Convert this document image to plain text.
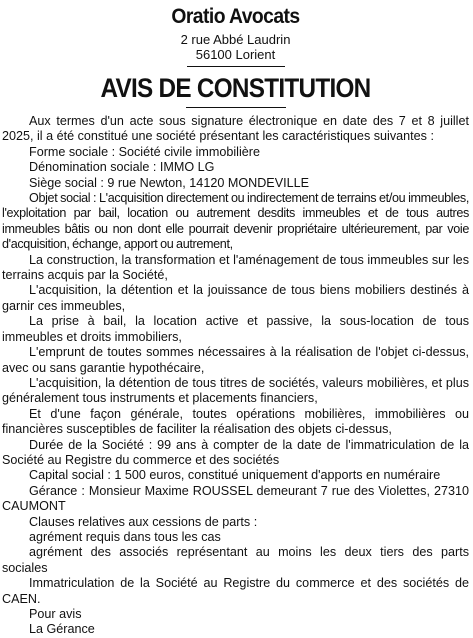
Oratio Avocats
2 rue Abbé Laudrin
56100 Lorient
AVIS DE CONSTITUTION

Aux termes d'un acte sous signature électronique en date des 7 et 8 juillet 2025, il a été constitué une société présentant les caractéristiques suivantes :

Forme sociale : Société civile immobilière

Dénomination sociale : IMMO LG

Siège social : 9 rue Newton, 14120 MONDEVILLE

Objet social : L'acquisition directement ou indirectement de terrains et/ou immeubles, l'exploitation par bail, location ou autrement desdits immeubles et de tous autres immeubles bâtis ou non dont elle pourrait devenir propriétaire ultérieurement, par voie d'acquisition, échange, apport ou autrement,

La construction, la transformation et l'aménagement de tous immeubles sur les terrains acquis par la Société,

L'acquisition, la détention et la jouissance de tous biens mobiliers destinés à garnir ces immeubles,

La prise à bail, la location active et passive, la sous-location de tous immeubles et droits immobiliers,

L'emprunt de toutes sommes nécessaires à la réalisation de l'objet ci-dessus, avec ou sans garantie hypothécaire,

L'acquisition, la détention de tous titres de sociétés, valeurs mobilières, et plus généralement tous instruments et placements financiers,

Et d'une façon générale, toutes opérations mobilières, immobilières ou financières susceptibles de faciliter la réalisation des objets ci-dessus,

Durée de la Société : 99 ans à compter de la date de l'immatriculation de la Société au Registre du commerce et des sociétés

Capital social : 1 500 euros, constitué uniquement d'apports en numéraire

Gérance : Monsieur Maxime ROUSSEL demeurant 7 rue des Violettes, 27310 CAUMONT

Clauses relatives aux cessions de parts :

agrément requis dans tous les cas

agrément des associés représentant au moins les deux tiers des parts sociales

Immatriculation de la Société au Registre du commerce et des sociétés de CAEN.

Pour avis

La Gérance
